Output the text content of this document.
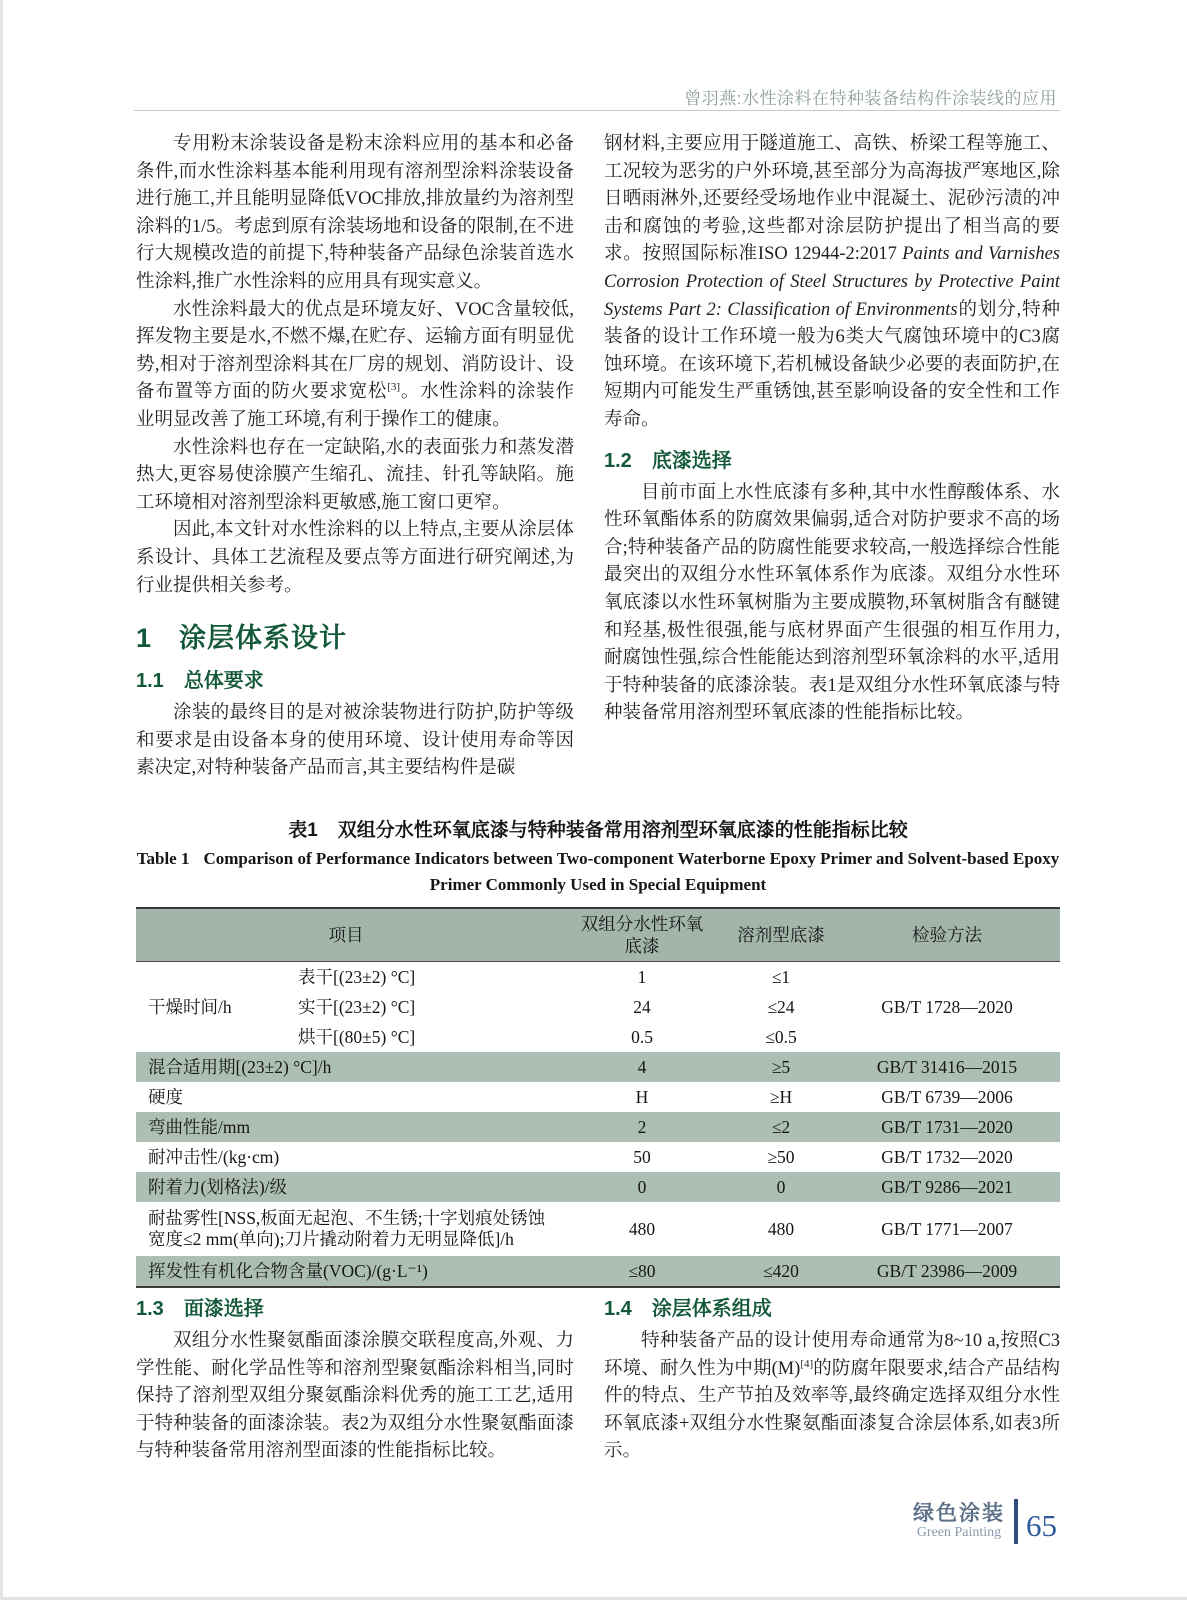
曾羽燕:水性涂料在特种装备结构件涂装线的应用

专用粉末涂装设备是粉末涂料应用的基本和必备条件,而水性涂料基本能利用现有溶剂型涂料涂装设备进行施工,并且能明显降低VOC排放,排放量约为溶剂型涂料的1/5。考虑到原有涂装场地和设备的限制,在不进行大规模改造的前提下,特种装备产品绿色涂装首选水性涂料,推广水性涂料的应用具有现实意义。

水性涂料最大的优点是环境友好、VOC含量较低,挥发物主要是水,不燃不爆,在贮存、运输方面有明显优势,相对于溶剂型涂料其在厂房的规划、消防设计、设备布置等方面的防火要求宽松[3]。水性涂料的涂装作业明显改善了施工环境,有利于操作工的健康。

水性涂料也存在一定缺陷,水的表面张力和蒸发潜热大,更容易使涂膜产生缩孔、流挂、针孔等缺陷。施工环境相对溶剂型涂料更敏感,施工窗口更窄。

因此,本文针对水性涂料的以上特点,主要从涂层体系设计、具体工艺流程及要点等方面进行研究阐述,为行业提供相关参考。

1 涂层体系设计
1.1 总体要求

涂装的最终目的是对被涂装物进行防护,防护等级和要求是由设备本身的使用环境、设计使用寿命等因素决定,对特种装备产品而言,其主要结构件是碳

钢材料,主要应用于隧道施工、高铁、桥梁工程等施工、工况较为恶劣的户外环境,甚至部分为高海拔严寒地区,除日晒雨淋外,还要经受场地作业中混凝土、泥砂污渍的冲击和腐蚀的考验,这些都对涂层防护提出了相当高的要求。按照国际标准ISO 12944-2:2017 Paints and Varnishes Corrosion Protection of Steel Structures by Protective Paint Systems Part 2: Classification of Environments的划分,特种装备的设计工作环境一般为6类大气腐蚀环境中的C3腐蚀环境。在该环境下,若机械设备缺少必要的表面防护,在短期内可能发生严重锈蚀,甚至影响设备的安全性和工作寿命。

1.2 底漆选择

目前市面上水性底漆有多种,其中水性醇酸体系、水性环氧酯体系的防腐效果偏弱,适合对防护要求不高的场合;特种装备产品的防腐性能要求较高,一般选择综合性能最突出的双组分水性环氧体系作为底漆。双组分水性环氧底漆以水性环氧树脂为主要成膜物,环氧树脂含有醚键和羟基,极性很强,能与底材界面产生很强的相互作用力,耐腐蚀性强,综合性能能达到溶剂型环氧涂料的水平,适用于特种装备的底漆涂装。表1是双组分水性环氧底漆与特种装备常用溶剂型环氧底漆的性能指标比较。

表1 双组分水性环氧底漆与特种装备常用溶剂型环氧底漆的性能指标比较
Table 1 Comparison of Performance Indicators between Two-component Waterborne Epoxy Primer and Solvent-based Epoxy Primer Commonly Used in Special Equipment
项目		双组分水性环氧底漆	溶剂型底漆	检验方法
干燥时间/h	表干[(23±2) °C]	1	≤1	GB/T 1728—2020
	实干[(23±2) °C]	24	≤24	
	烘干[(80±5) °C]	0.5	≤0.5	
混合适用期[(23±2) °C]/h		4	≥5	GB/T 31416—2015
硬度		H	≥H	GB/T 6739—2006
弯曲性能/mm		2	≤2	GB/T 1731—2020
耐冲击性/(kg·cm)		50	≥50	GB/T 1732—2020
附着力(划格法)/级		0	0	GB/T 9286—2021
耐盐雾性[NSS,板面无起泡、不生锈;十字划痕处锈蚀宽度≤2 mm(单向);刀片撬动附着力无明显降低]/h		480	480	GB/T 1771—2007
挥发性有机化合物含量(VOC)/(g·L⁻¹)		≤80	≤420	GB/T 23986—2009
1.3 面漆选择

双组分水性聚氨酯面漆涂膜交联程度高,外观、力学性能、耐化学品性等和溶剂型聚氨酯涂料相当,同时保持了溶剂型双组分聚氨酯涂料优秀的施工工艺,适用于特种装备的面漆涂装。表2为双组分水性聚氨酯面漆与特种装备常用溶剂型面漆的性能指标比较。

1.4 涂层体系组成

特种装备产品的设计使用寿命通常为8~10 a,按照C3环境、耐久性为中期(M)[4]的防腐年限要求,结合产品结构件的特点、生产节拍及效率等,最终确定选择双组分水性环氧底漆+双组分水性聚氨酯面漆复合涂层体系,如表3所示。

绿色涂装
Green Painting 65
